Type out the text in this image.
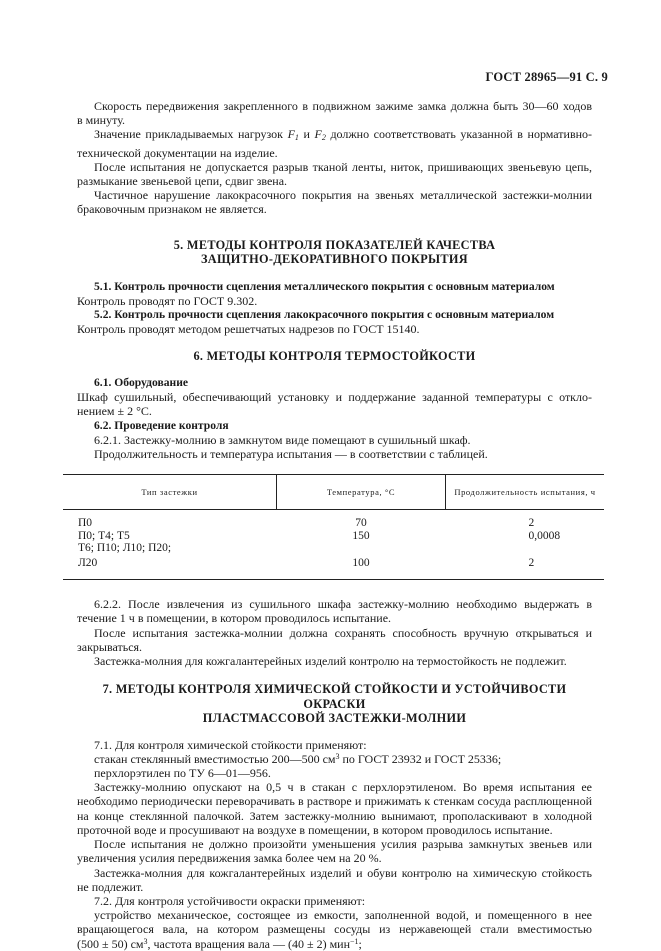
ГОСТ 28965—91 С. 9

Скорость передвижения закрепленного в подвижном зажиме замка должна быть 30—60 ходов

в минуту.

Значение прикладываемых нагрузок $F_1$ и $F_2$ должно соответствовать указанной в нормативно-

технической документации на изделие.

После испытания не допускается разрыв тканой ленты, ниток, пришивающих звеньевую цепь,

размыкание звеньевой цепи, сдвиг звена.

Частичное нарушение лакокрасочного покрытия на звеньях металлической застежки-молнии

браковочным признаком не является.

5. МЕТОДЫ КОНТРОЛЯ ПОКАЗАТЕЛЕЙ КАЧЕСТВА

ЗАЩИТНО-ДЕКОРАТИВНОГО ПОКРЫТИЯ

5.1. Контроль прочности сцепления металлического покрытия с основным материалом

Контроль проводят по ГОСТ 9.302.

5.2. Контроль прочности сцепления лакокрасочного покрытия с основным материалом

Контроль проводят методом решетчатых надрезов по ГОСТ 15140.

6. МЕТОДЫ КОНТРОЛЯ ТЕРМОСТОЙКОСТИ

6.1. Оборудование

Шкаф сушильный, обеспечивающий установку и поддержание заданной температуры с откло-

нением ± 2 °С.

6.2. Проведение контроля

6.2.1. Застежку-молнию в замкнутом виде помещают в сушильный шкаф.

Продолжительность и температура испытания — в соответствии с таблицей.

Тип застежки	Температура, °С	Продолжительность испытания, ч

П0	70	2
П0; Т4; Т5	150	0,0008
Т6; П10; Л10; П20;		
Л20	100	2

6.2.2. После извлечения из сушильного шкафа застежку-молнию необходимо выдержать в

течение 1 ч в помещении, в котором проводилось испытание.

После испытания застежка-молнии должна сохранять способность вручную открываться и

закрываться.

Застежка-молния для кожгалантерейных изделий контролю на термостойкость не подлежит.

7. МЕТОДЫ КОНТРОЛЯ ХИМИЧЕСКОЙ СТОЙКОСТИ И УСТОЙЧИВОСТИ ОКРАСКИ

ПЛАСТМАССОВОЙ ЗАСТЕЖКИ-МОЛНИИ

7.1. Для контроля химической стойкости применяют:

стакан стеклянный вместимостью 200—500 $см^3$ по ГОСТ 23932 и ГОСТ 25336;

перхлорэтилен по ТУ 6—01—956.

Застежку-молнию опускают на 0,5 ч в стакан с перхлорэтиленом. Во время испытания ее

необходимо периодически переворачивать в растворе и прижимать к стенкам сосуда расплющенной

на конце стеклянной палочкой. Затем застежку-молнию вынимают, прополаскивают в холодной

проточной воде и просушивают на воздухе в помещении, в котором проводилось испытание.

После испытания не должно произойти уменьшения усилия разрыва замкнутых звеньев или

увеличения усилия передвижения замка более чем на 20 %.

Застежка-молния для кожгалантерейных изделий и обуви контролю на химическую стойкость

не подлежит.

7.2. Для контроля устойчивости окраски применяют:

устройство механическое, состоящее из емкости, заполненной водой, и помещенного в нее

вращающегося вала, на котором размещены сосуды из нержавеющей стали вместимостью

(500 ± 50) $см^3$, частота вращения вала — (40 ± 2) мин$^{-1}$;
